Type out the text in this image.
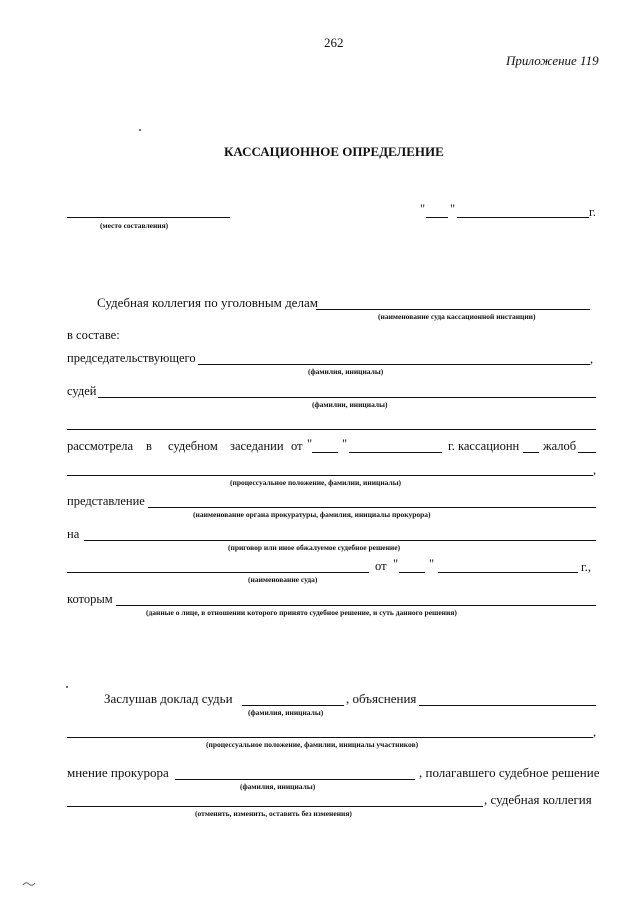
262
Приложение 119
КАССАЦИОННОЕ ОПРЕДЕЛЕНИЕ
(место составления)
" "	г.
Судебная коллегия по уголовным делам
(наименование суда кассационной инстанции)
в составе:
председательствующего	,
(фамилия, инициалы)
судей
(фамилии, инициалы)
рассмотрела в судебном заседании от " "	г. кассационн жалоб
,
(процессуальное положение, фамилии, инициалы)
представление
(наименование органа прокуратуры, фамилия, инициалы прокурора)
на
(приговор или иное обжалуемое судебное решение)
от " "	г.,
(наименование суда)
которым
(данные о лице, в отношении которого принято судебное решение, и суть данного решения)
Заслушав доклад судьи	, объяснения
(фамилия, инициалы)
,
(процессуальное положение, фамилии, инициалы участников)
мнение прокурора	, полагавшего судебное решение
(фамилия, инициалы)
, судебная коллегия
(отменить, изменить, оставить без изменения)
